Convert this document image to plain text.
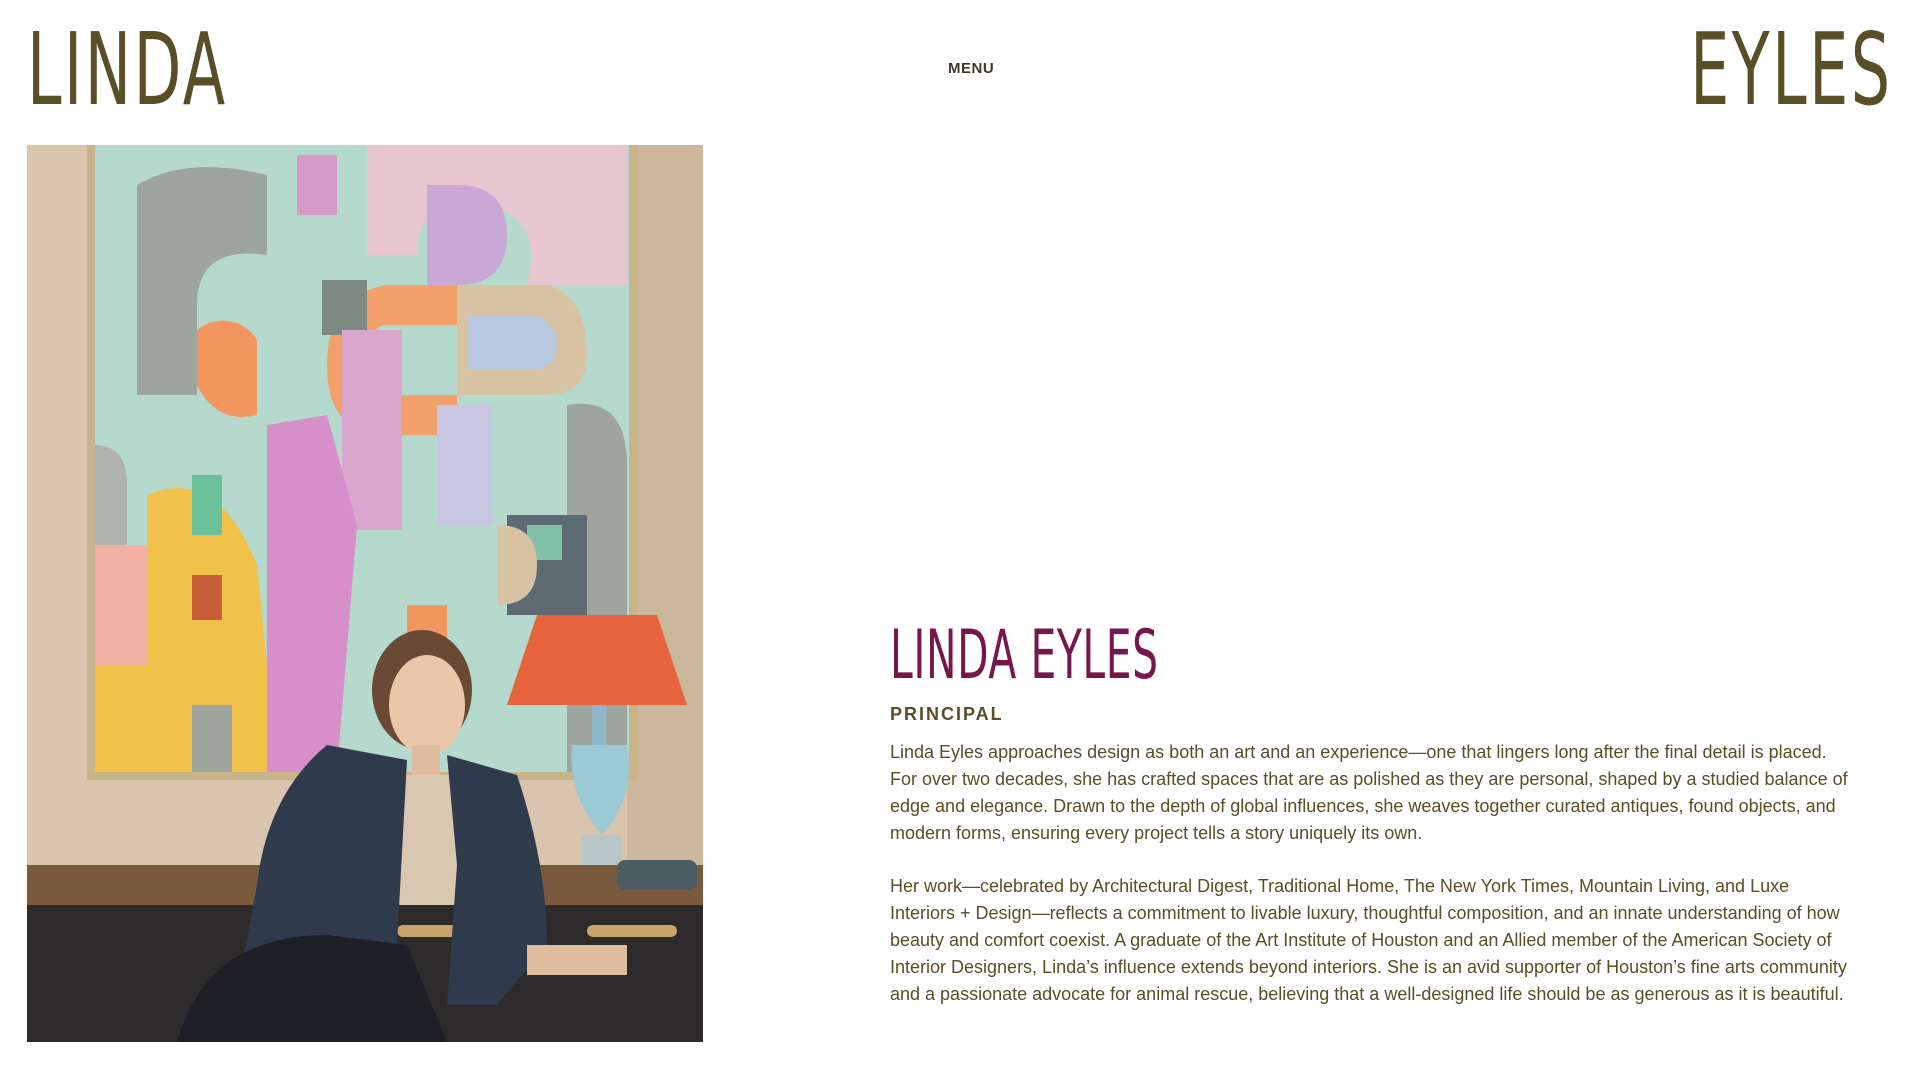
LINDA	MENU	EYLES
LINDA EYLES

PRINCIPAL

Linda Eyles approaches design as both an art and an experience—one that lingers long after the final detail is placed. For over two decades, she has crafted spaces that are as polished as they are personal, shaped by a studied balance of edge and elegance. Drawn to the depth of global influences, she weaves together curated antiques, found objects, and modern forms, ensuring every project tells a story uniquely its own.

Her work—celebrated by Architectural Digest, Traditional Home, The New York Times, Mountain Living, and Luxe Interiors + Design—reflects a commitment to livable luxury, thoughtful composition, and an innate understanding of how beauty and comfort coexist. A graduate of the Art Institute of Houston and an Allied member of the American Society of Interior Designers, Linda’s influence extends beyond interiors. She is an avid supporter of Houston’s fine arts community and a passionate advocate for animal rescue, believing that a well-designed life should be as generous as it is beautiful.
